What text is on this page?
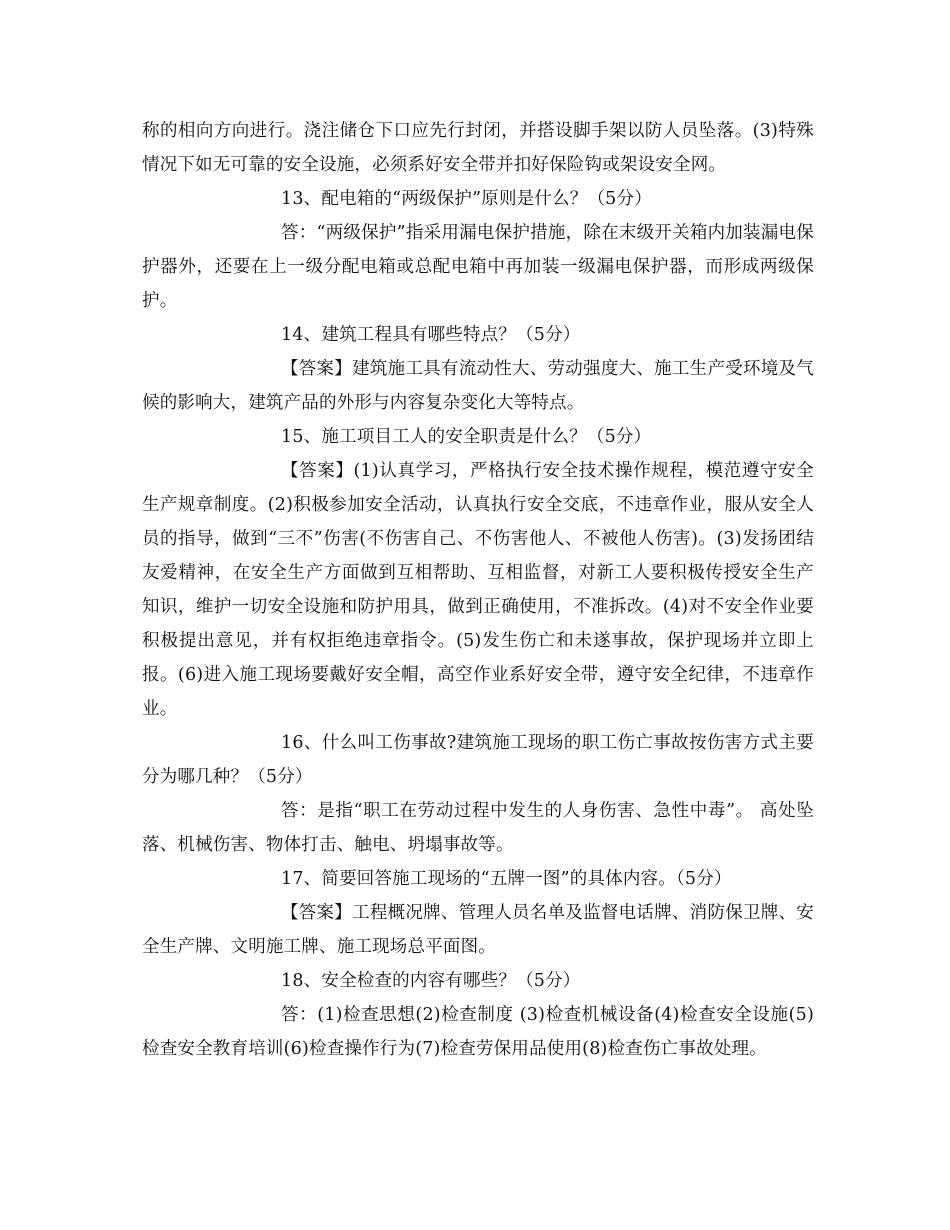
称的相向方向进行。浇注储仓下口应先行封闭，并搭设脚手架以防人员坠落。(3)特殊情况下如无可靠的安全设施，必须系好安全带并扣好保险钩或架设安全网。

13、配电箱的“两级保护”原则是什么？（5分）

答：“两级保护”指采用漏电保护措施，除在末级开关箱内加装漏电保护器外，还要在上一级分配电箱或总配电箱中再加装一级漏电保护器，而形成两级保护。

14、建筑工程具有哪些特点？（5分）

【答案】建筑施工具有流动性大、劳动强度大、施工生产受环境及气候的影响大，建筑产品的外形与内容复杂变化大等特点。

15、施工项目工人的安全职责是什么？（5分）

【答案】(1)认真学习，严格执行安全技术操作规程，模范遵守安全生产规章制度。(2)积极参加安全活动，认真执行安全交底，不违章作业，服从安全人员的指导，做到“三不”伤害(不伤害自己、不伤害他人、不被他人伤害)。(3)发扬团结友爱精神，在安全生产方面做到互相帮助、互相监督，对新工人要积极传授安全生产知识，维护一切安全设施和防护用具，做到正确使用，不准拆改。(4)对不安全作业要积极提出意见，并有权拒绝违章指令。(5)发生伤亡和未遂事故，保护现场并立即上报。(6)进入施工现场要戴好安全帽，高空作业系好安全带，遵守安全纪律，不违章作业。

16、什么叫工伤事故?建筑施工现场的职工伤亡事故按伤害方式主要分为哪几种？（5分）

答：是指“职工在劳动过程中发生的人身伤害、急性中毒”。 高处坠落、机械伤害、物体打击、触电、坍塌事故等。

17、简要回答施工现场的“五牌一图”的具体内容。（5分）

【答案】工程概况牌、管理人员名单及监督电话牌、消防保卫牌、安全生产牌、文明施工牌、施工现场总平面图。

18、安全检查的内容有哪些？（5分）

答：(1)检查思想(2)检查制度 (3)检查机械设备(4)检查安全设施(5)检查安全教育培训(6)检查操作行为(7)检查劳保用品使用(8)检查伤亡事故处理。
